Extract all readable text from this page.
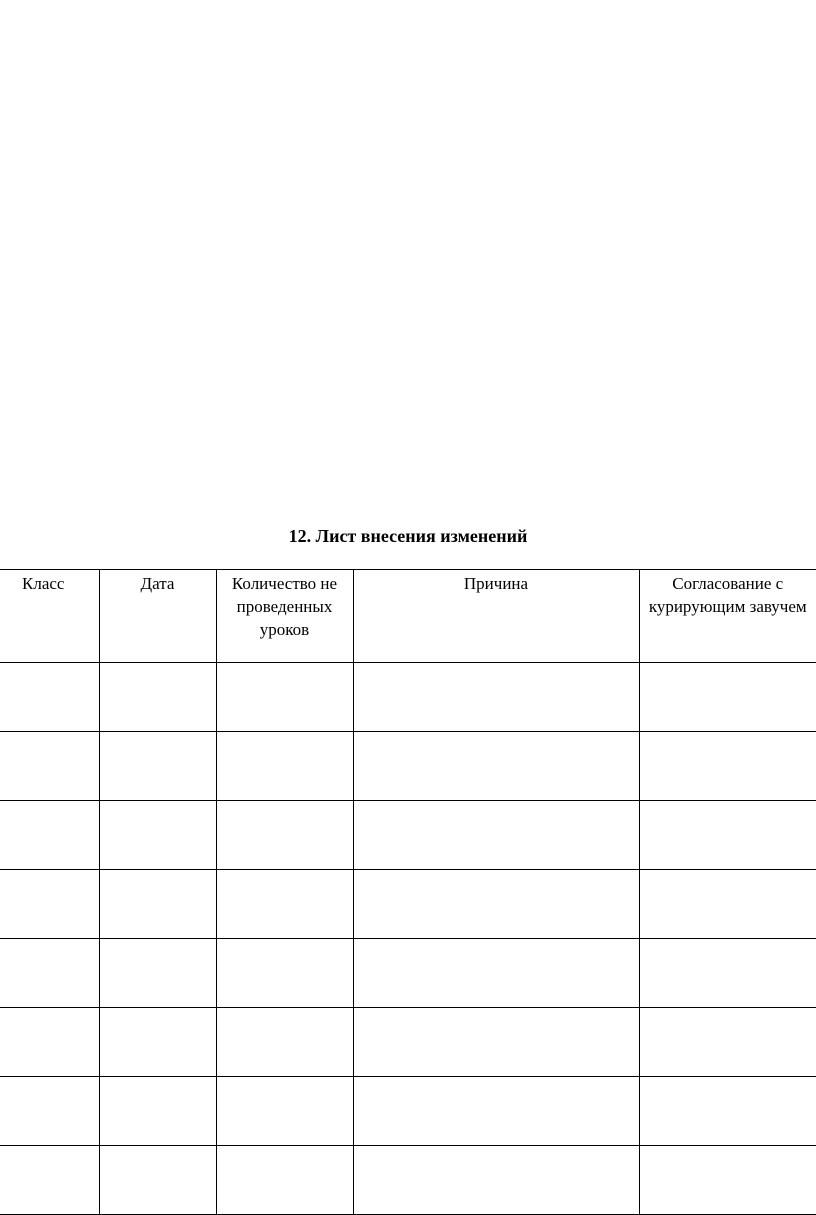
12. Лист внесения изменений
Класс	Дата	Количество не проведенных уроков	Причина	Согласование с курирующим завучем
